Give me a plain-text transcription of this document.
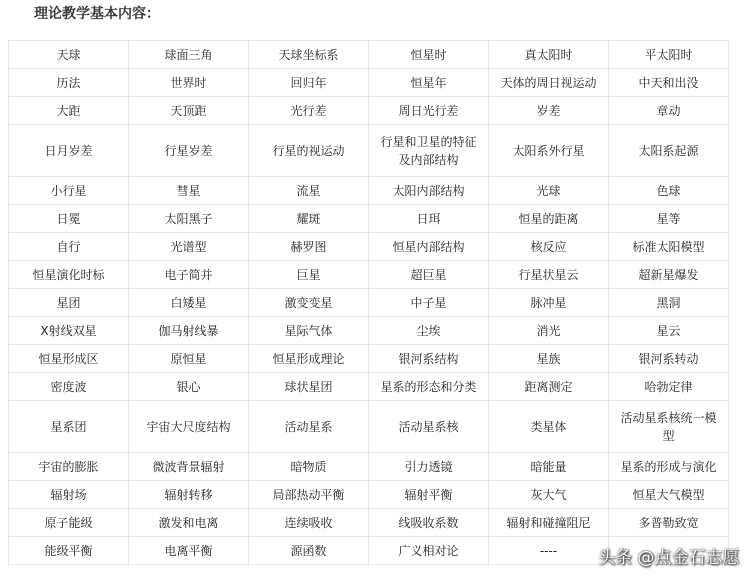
理论教学基本内容：
天球	球面三角	天球坐标系	恒星时	真太阳时	平太阳时
历法	世界时	回归年	恒星年	天体的周日视运动	中天和出没
大距	天顶距	光行差	周日光行差	岁差	章动
日月岁差	行星岁差	行星的视运动	行星和卫星的特征及内部结构	太阳系外行星	太阳系起源
小行星	彗星	流星	太阳内部结构	光球	色球
日冕	太阳黑子	耀斑	日珥	恒星的距离	星等
自行	光谱型	赫罗图	恒星内部结构	核反应	标准太阳模型
恒星演化时标	电子简并	巨星	超巨星	行星状星云	超新星爆发
星团	白矮星	激变变星	中子星	脉冲星	黑洞
X射线双星	伽马射线暴	星际气体	尘埃	消光	星云
恒星形成区	原恒星	恒星形成理论	银河系结构	星族	银河系转动
密度波	银心	球状星团	星系的形态和分类	距离测定	哈勃定律
星系团	宇宙大尺度结构	活动星系	活动星系核	类星体	活动星系核统一模型
宇宙的膨胀	微波背景辐射	暗物质	引力透镜	暗能量	星系的形成与演化
辐射场	辐射转移	局部热动平衡	辐射平衡	灰大气	恒星大气模型
原子能级	激发和电离	连续吸收	线吸收系数	辐射和碰撞阻尼	多普勒致宽
能级平衡	电离平衡	源函数	广义相对论	----	头条 @点金石志愿
